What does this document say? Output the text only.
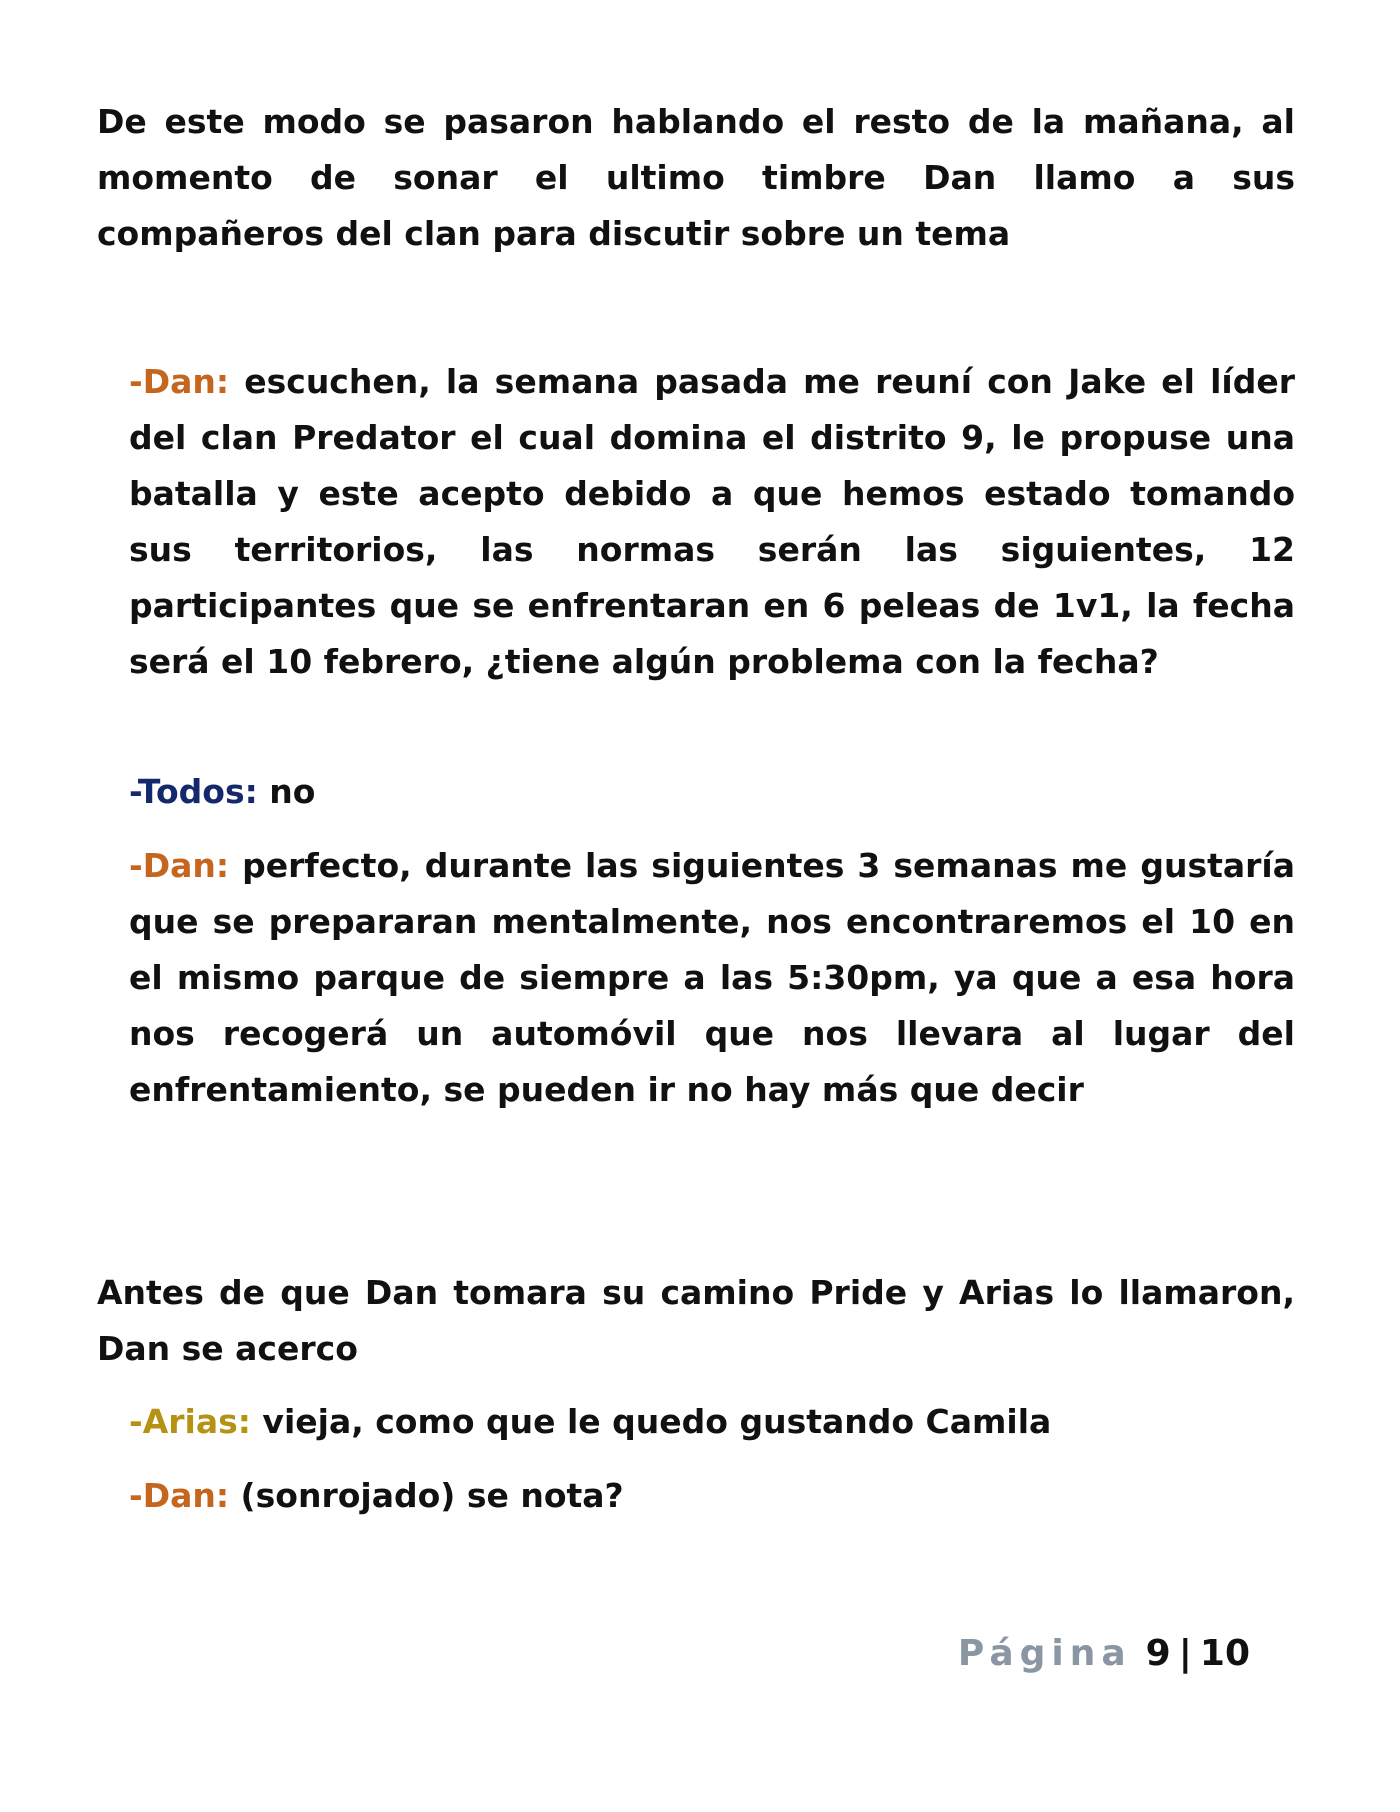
De este modo se pasaron hablando el resto de la mañana, al momento de sonar el ultimo timbre Dan llamo a sus compañeros del clan para discutir sobre un tema

-Dan: escuchen, la semana pasada me reuní con Jake el líder del clan Predator el cual domina el distrito 9, le propuse una batalla y este acepto debido a que hemos estado tomando sus territorios, las normas serán las siguientes, 12 participantes que se enfrentaran en 6 peleas de 1v1, la fecha será el 10 febrero, ¿tiene algún problema con la fecha?

-Todos: no

-Dan: perfecto, durante las siguientes 3 semanas me gustaría que se prepararan mentalmente, nos encontraremos el 10 en el mismo parque de siempre a las 5:30pm, ya que a esa hora nos recogerá un automóvil que nos llevara al lugar del enfrentamiento, se pueden ir no hay más que decir

Antes de que Dan tomara su camino Pride y Arias lo llamaron, Dan se acerco

-Arias: vieja, como que le quedo gustando Camila

-Dan: (sonrojado) se nota?

Página 9 | 10
